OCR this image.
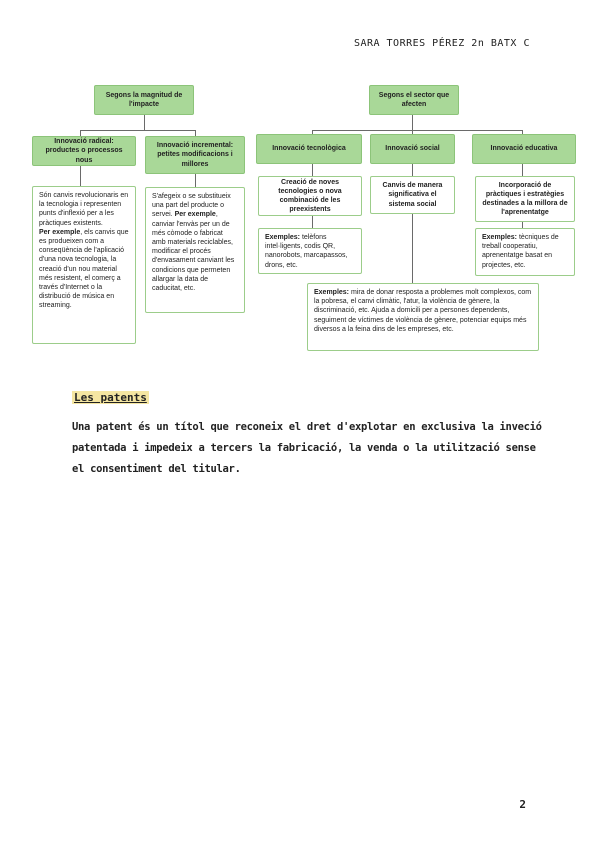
SARA TORRES PÉREZ 2n BATX C
Segons la magnitud de l'impacte
Segons el sector que afecten
Innovació radical: productes o processos nous
Són canvis revolucionaris en la tecnologia i representen punts d'inflexió per a les pràctiques existents.
Per exemple, els canvis que es produeixen com a conseqüència de l'aplicació d'una nova tecnologia, la creació d'un nou material més resistent, el comerç a través d'Internet o la distribució de música en streaming.
Innovació incremental: petites modificacions i millores
S'afegeix o se substitueix una part del producte o servei. Per exemple, canviar l'envàs per un de més còmode o fabricat amb materials reciclables, modificar el procés d'envasament canviant les condicions que permeten allargar la data de caducitat, etc.
Innovació tecnològica
Creació de noves tecnologies o nova combinació de les preexistents
Exemples: telèfons intel·ligents, codis QR, nanorobots, marcapassos, drons, etc.
Innovació social
Canvis de manera significativa el sistema social
Exemples: mira de donar resposta a problemes molt complexos, com la pobresa, el canvi climàtic, l'atur, la violència de gènere, la discriminació, etc. Ajuda a domicili per a persones dependents, seguiment de víctimes de violència de gènere, potenciar equips més diversos a la feina dins de les empreses, etc.
Innovació educativa
Incorporació de pràctiques i estratègies destinades a la millora de l'aprenentatge
Exemples: tècniques de treball cooperatiu, aprenentatge basat en projectes, etc.
Les patents
Una patent és un títol que reconeix el dret d'explotar en exclusiva la inveció patentada i impedeix a tercers la fabricació, la venda o la utilització sense el consentiment del titular.
2
